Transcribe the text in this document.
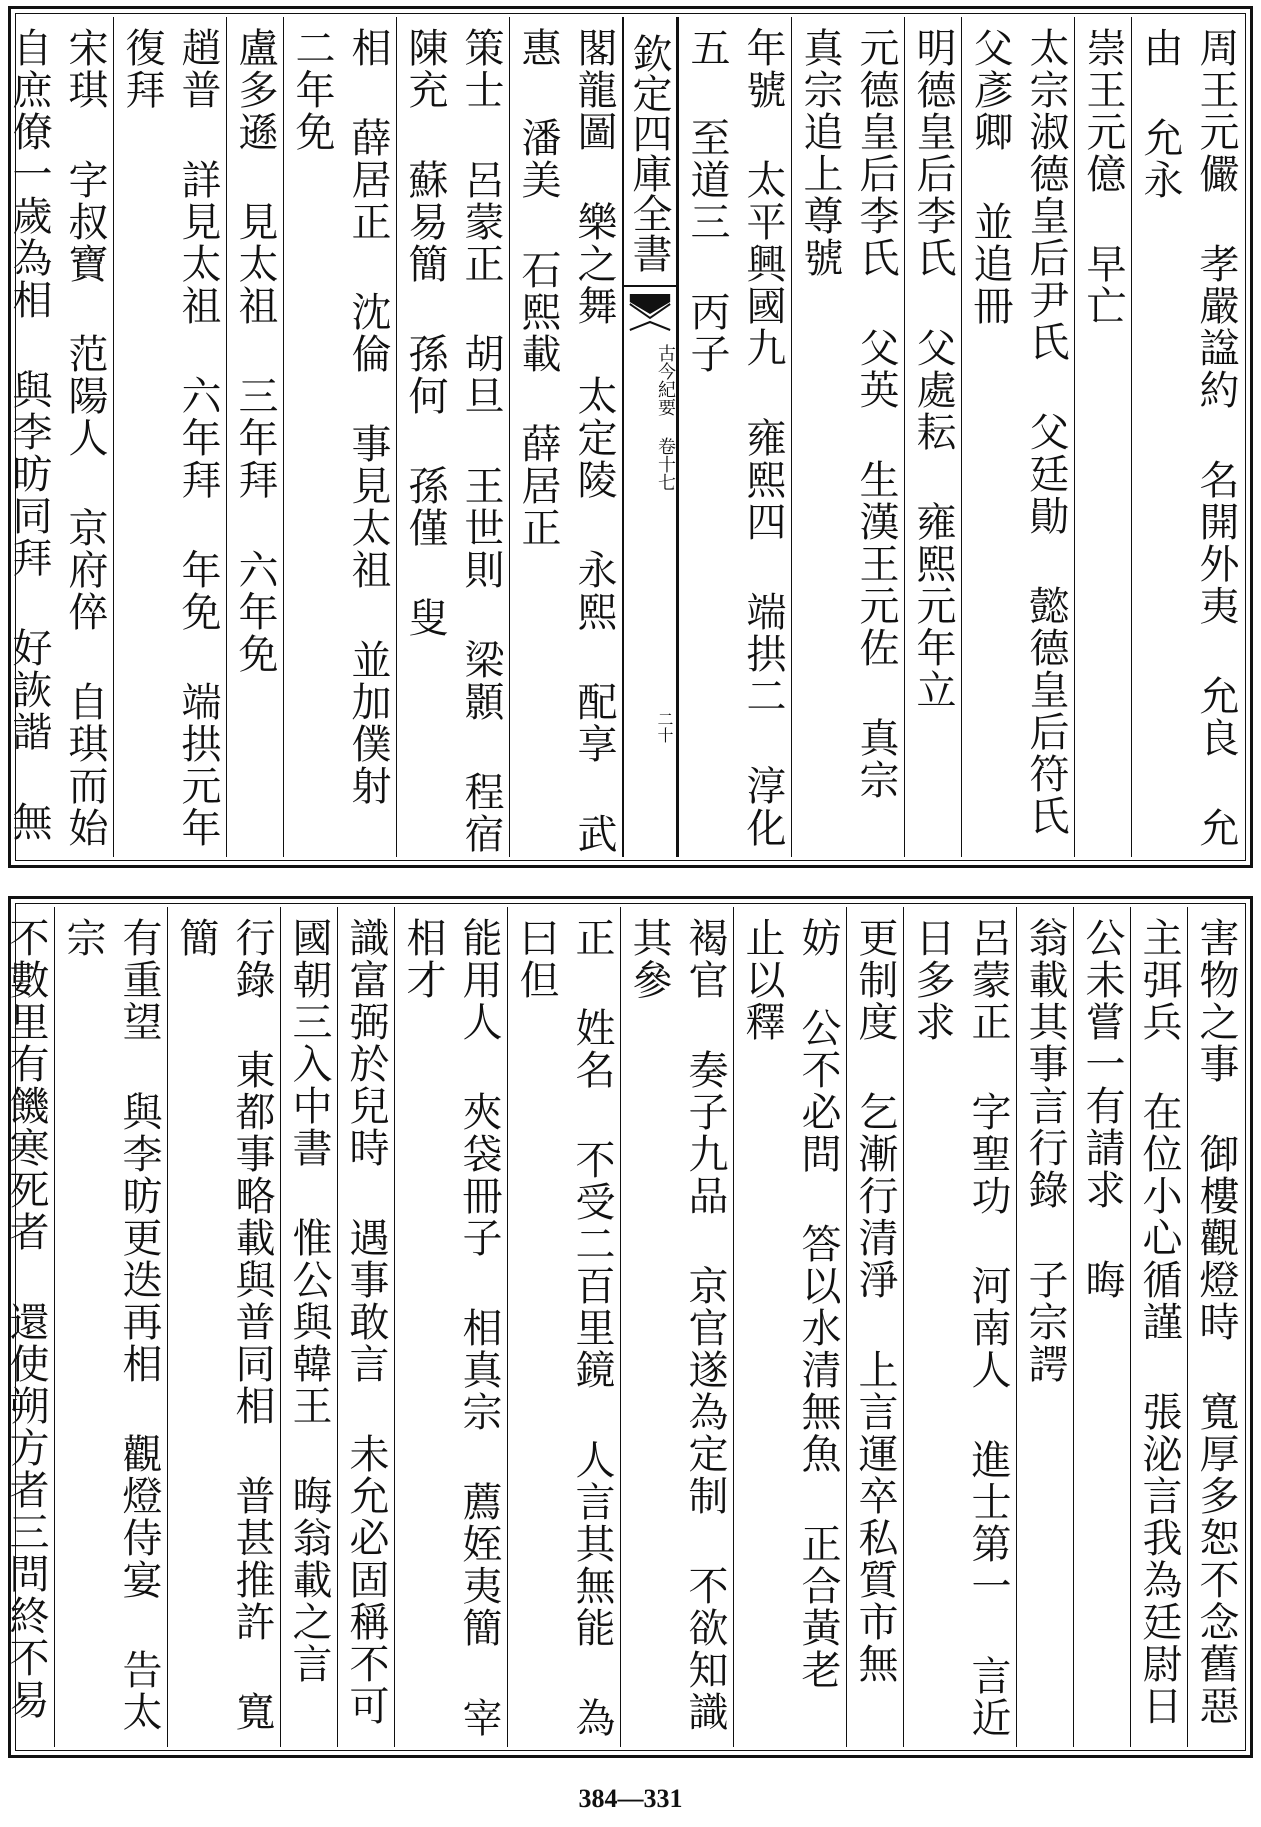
周王元儼 孝嚴諡約 名開外夷 允良 允由 允永
崇王元億 早亡
太宗淑德皇后尹氏 父廷勛 懿德皇后符氏 父彥卿 並追冊
明德皇后李氏 父處耘 雍熙元年立
元德皇后李氏 父英 生漢王元佐 真宗 真宗追上尊號
年號 太平興國九 雍熙四 端拱二 淳化五 至道三 丙子
欽定四庫全書
古今紀要 卷十七
二十
閣龍圖 樂之舞 太定陵 永熙 配享 武惠 潘美 石熙載 薛居正
策士 呂蒙正 胡旦 王世則 梁顥 程宿 陳充 蘇易簡 孫何 孫僅 叟
相 薛居正 沈倫 事見太祖 並加僕射 二年免
盧多遜 見太祖 三年拜 六年免
趙普 詳見太祖 六年拜 年免 端拱元年復拜
宋琪 字叔寶 范陽人 京府倅 自琪而始 自庶僚一歲為相 與李昉同拜 好詼諧 無
害物之事 御樓觀燈時 寬厚多恕不念舊惡
主弭兵 在位小心循謹 張泌言我為廷尉日
公未嘗一有請求 晦
翁載其事言行錄 子宗諤
呂蒙正 字聖功 河南人 進士第一 言近日多求
更制度 乞漸行清淨 上言運卒私質市無
妨 公不必問 答以水清無魚 正合黃老 止以釋
褐官 奏子九品 京官遂為定制 不欲知識其參
正 姓名 不受二百里鏡 人言其無能 為曰但
能用人 夾袋冊子 相真宗 薦姪夷簡 宰相才
識富弼於兒時 遇事敢言 未允必固稱不可
國朝三入中書 惟公與韓王 晦翁載之言
行錄 東都事略載與普同相 普甚推許 寬簡
有重望 與李昉更迭再相 觀燈侍宴 告太宗
不數里有饑寒死者 還使朔方者三問終不易
384—331
